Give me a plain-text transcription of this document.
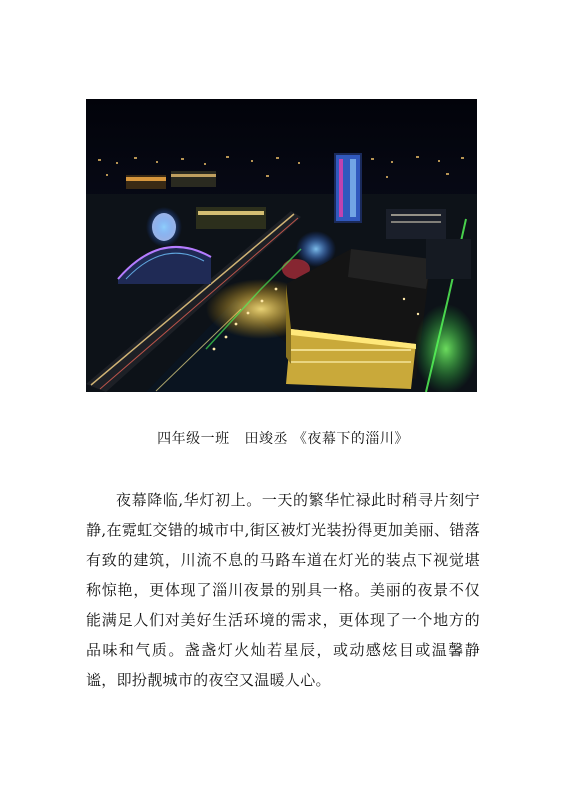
四年级一班   田竣丞 《夜幕下的淄川》

夜幕降临,华灯初上。一天的繁华忙禄此时稍寻片刻宁静,在霓虹交错的城市中,街区被灯光装扮得更加美丽、错落有致的建筑，川流不息的马路车道在灯光的装点下视觉堪称惊艳，更体现了淄川夜景的别具一格。美丽的夜景不仅能满足人们对美好生活环境的需求，更体现了一个地方的品味和气质。盏盏灯火灿若星辰，或动感炫目或温馨静谧，即扮靓城市的夜空又温暖人心。
